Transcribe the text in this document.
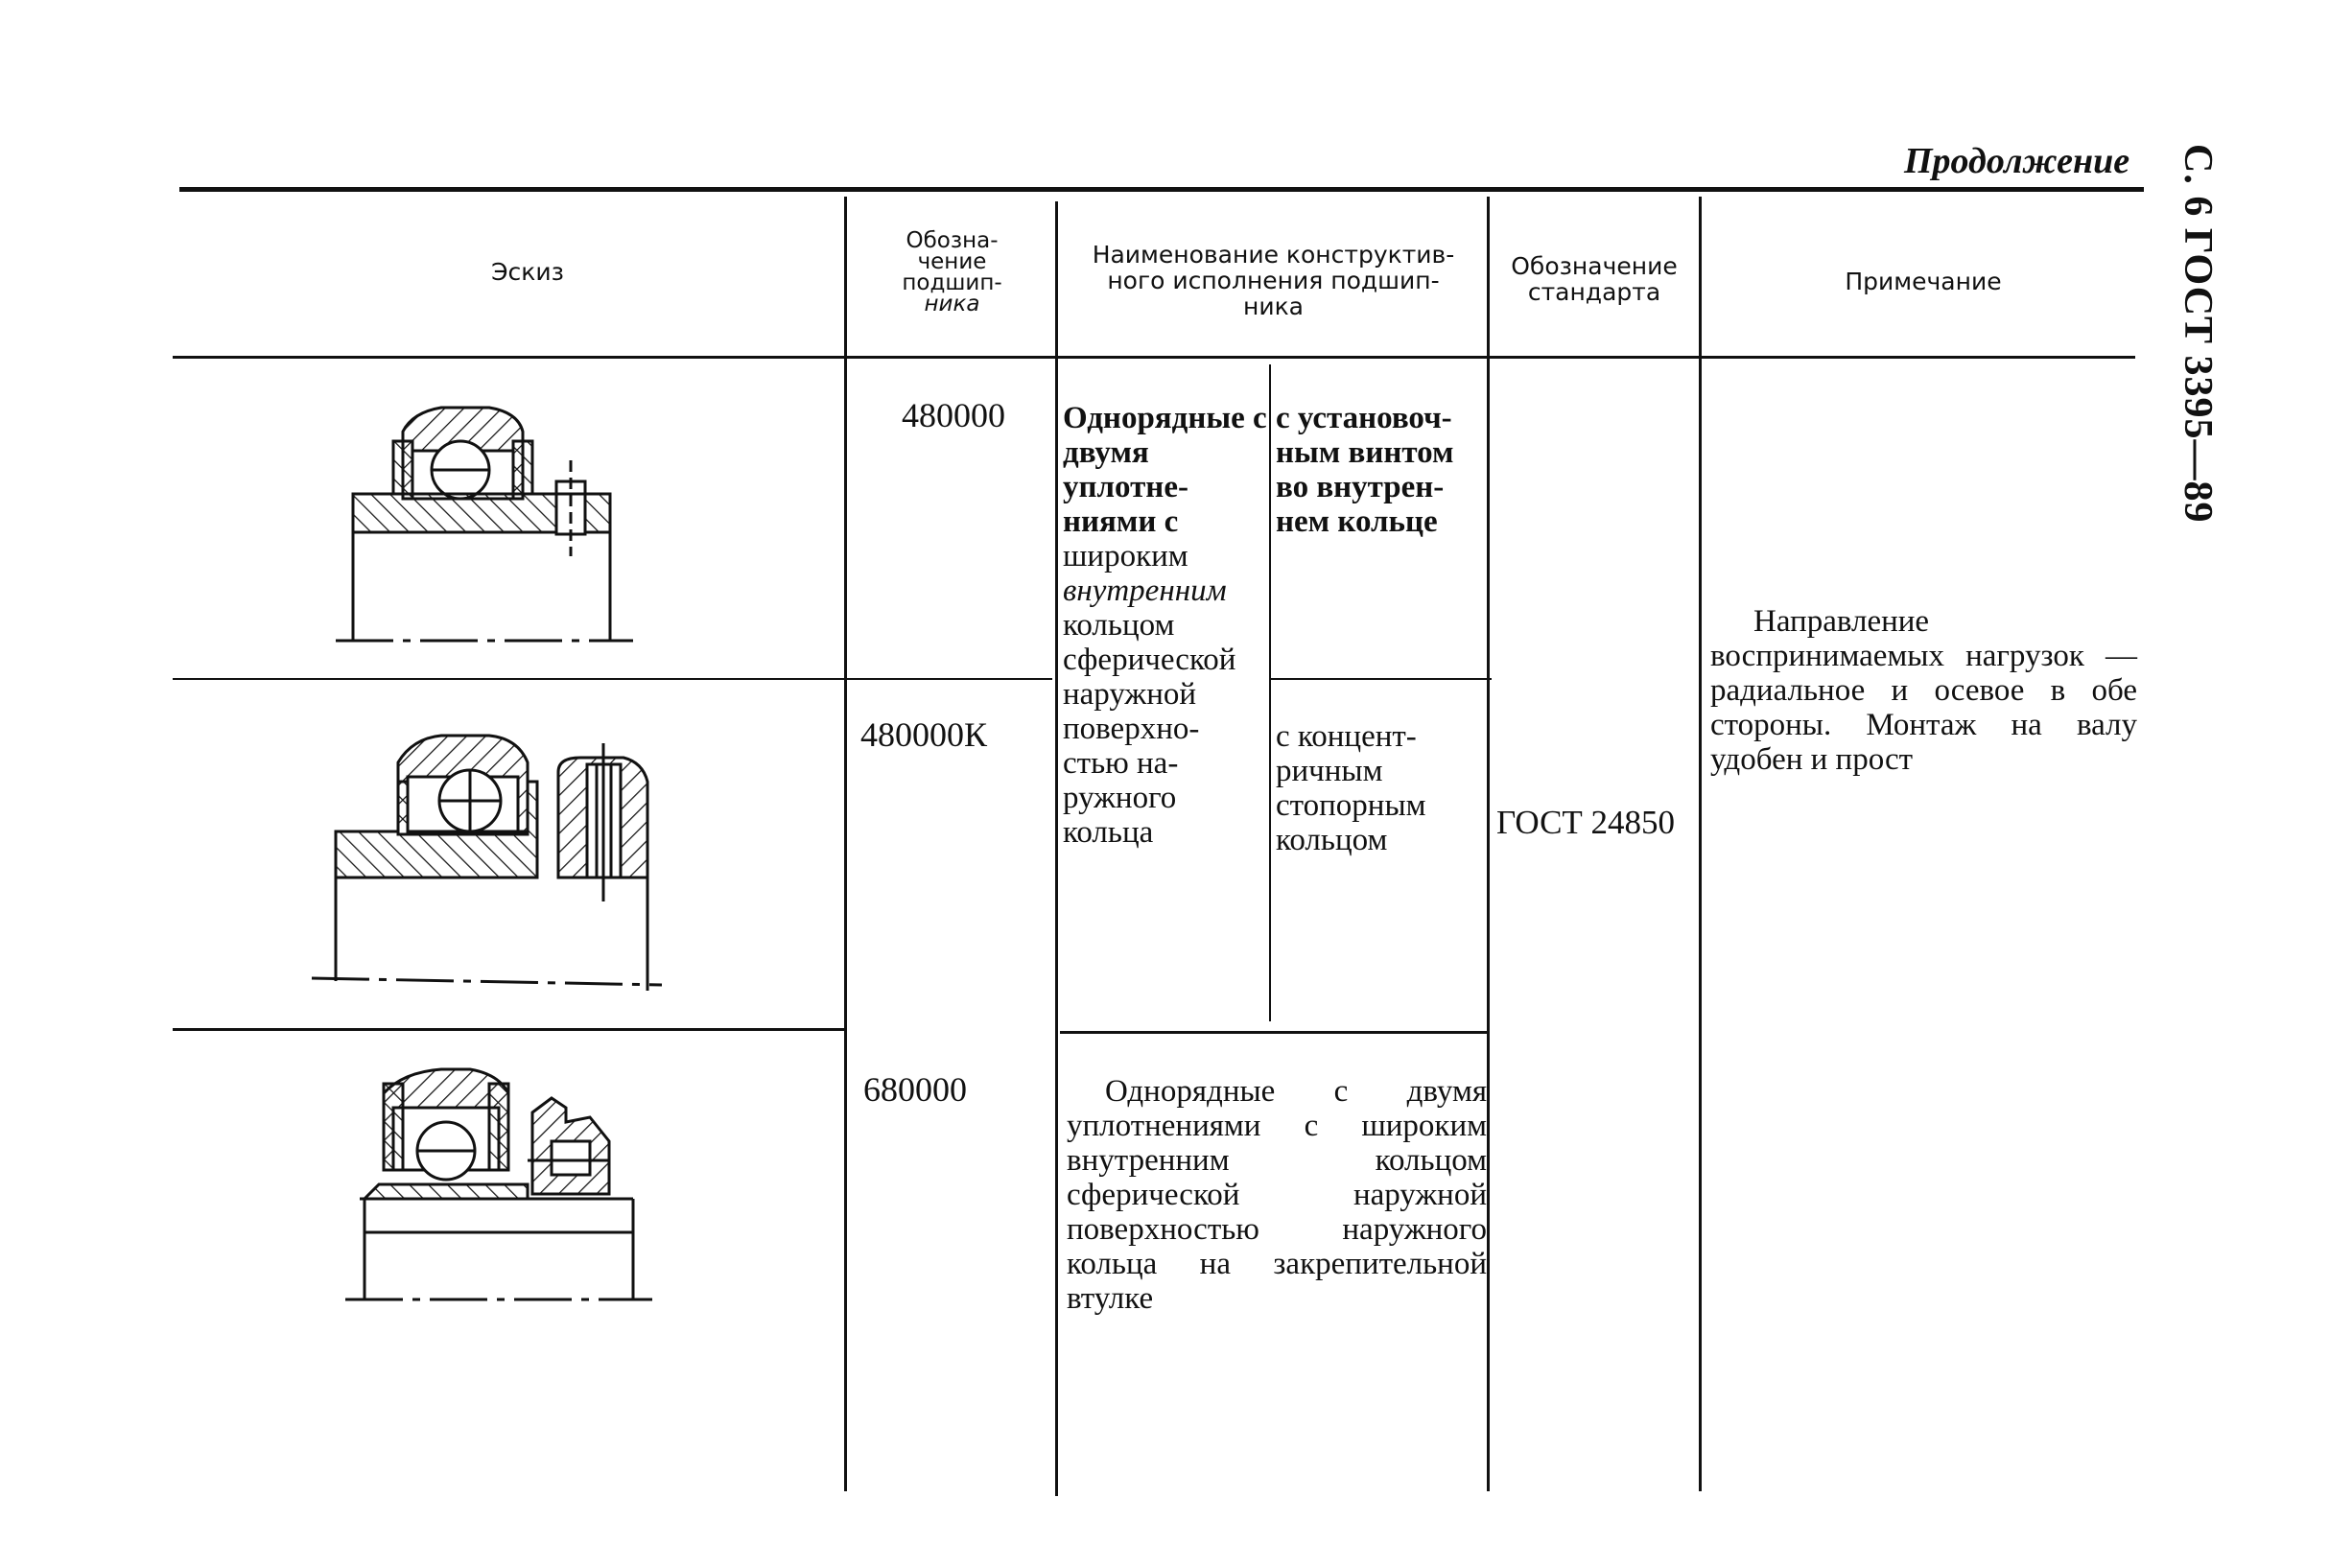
Продолжение	С. 6 ГОСТ 3395—89
Эскиз
Обозна-
чение
подшип-
ника
Наименование конструктив-
ного исполнения подшип-
ника
Обозначение
стандарта	Примечание
480000
480000К
680000
Однорядные с двумя
уплотне-
ниями с
широким
внутренним
кольцом
сферической
наружной
поверхно-
стью на-
ружного
кольца
с установоч-
ным винтом
во внутрен-
нем кольце
с концент-
ричным
стопорным
кольцом
Однорядные с двумя уплотнениями с широким внутренним кольцом сферической наружной поверхностью наружного кольца на закрепительной втулке
ГОСТ 24850
Направление воспринимаемых нагрузок — радиальное и осевое в обе стороны. Монтаж на валу удобен и прост
